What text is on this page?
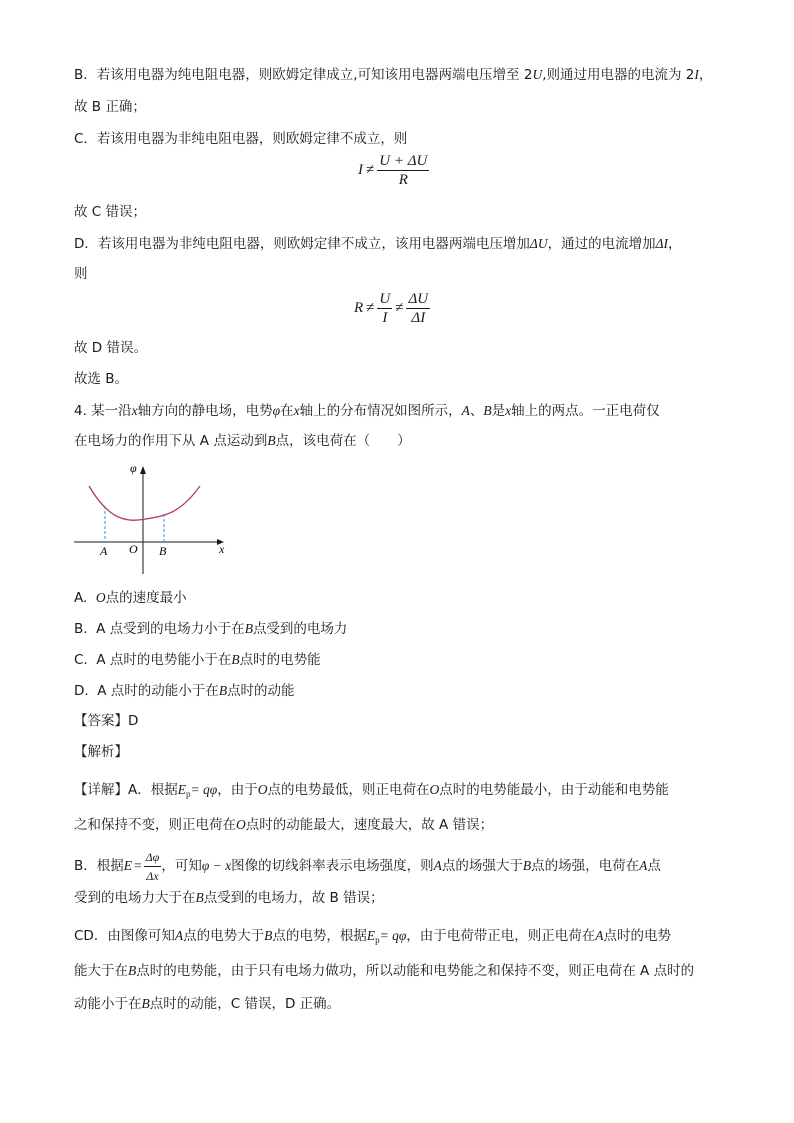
B．若该用电器为纯电阻电器，则欧姆定律成立,可知该用电器两端电压增至 2U,则通过用电器的电流为 2I，
故 B 正确；
C．若该用电器为非纯电阻电器，则欧姆定律不成立，则
$I \ne \frac{U + \Delta U}{R}$
故 C 错误；
D．若该用电器为非纯电阻电器，则欧姆定律不成立，该用电器两端电压增加ΔU，通过的电流增加ΔI，
则
$R \ne \frac{U}{I} \ne \frac{\Delta U}{\Delta I}$
故 D 错误。
故选 B。
4. 某一沿x轴方向的静电场，电势φ在x轴上的分布情况如图所示，A、B是x轴上的两点。一正电荷仅
在电场力的作用下从 A 点运动到B点，该电荷在（　　）
φ
x
A O B
A. O点的速度最小
B. A 点受到的电场力小于在B点受到的电场力
C. A 点时的电势能小于在B点时的电势能
D. A 点时的动能小于在B点时的动能
【答案】D
【解析】
【详解】A．根据$E_p= q\varphi$，由于O点的电势最低，则正电荷在O点时的电势能最小，由于动能和电势能
之和保持不变，则正电荷在O点时的动能最大，速度最大，故 A 错误；
B．根据$E = \frac{\Delta\varphi}{\Delta x}$ ，可知φ − x图像的切线斜率表示电场强度，则A点的场强大于B点的场强，电荷在A点
受到的电场力大于在B点受到的电场力，故 B 错误；
CD．由图像可知A点的电势大于B点的电势，根据$E_p= q\varphi$，由于电荷带正电，则正电荷在A点时的电势
能大于在B点时的电势能，由于只有电场力做功，所以动能和电势能之和保持不变，则正电荷在 A 点时的
动能小于在B点时的动能，C 错误，D 正确。
